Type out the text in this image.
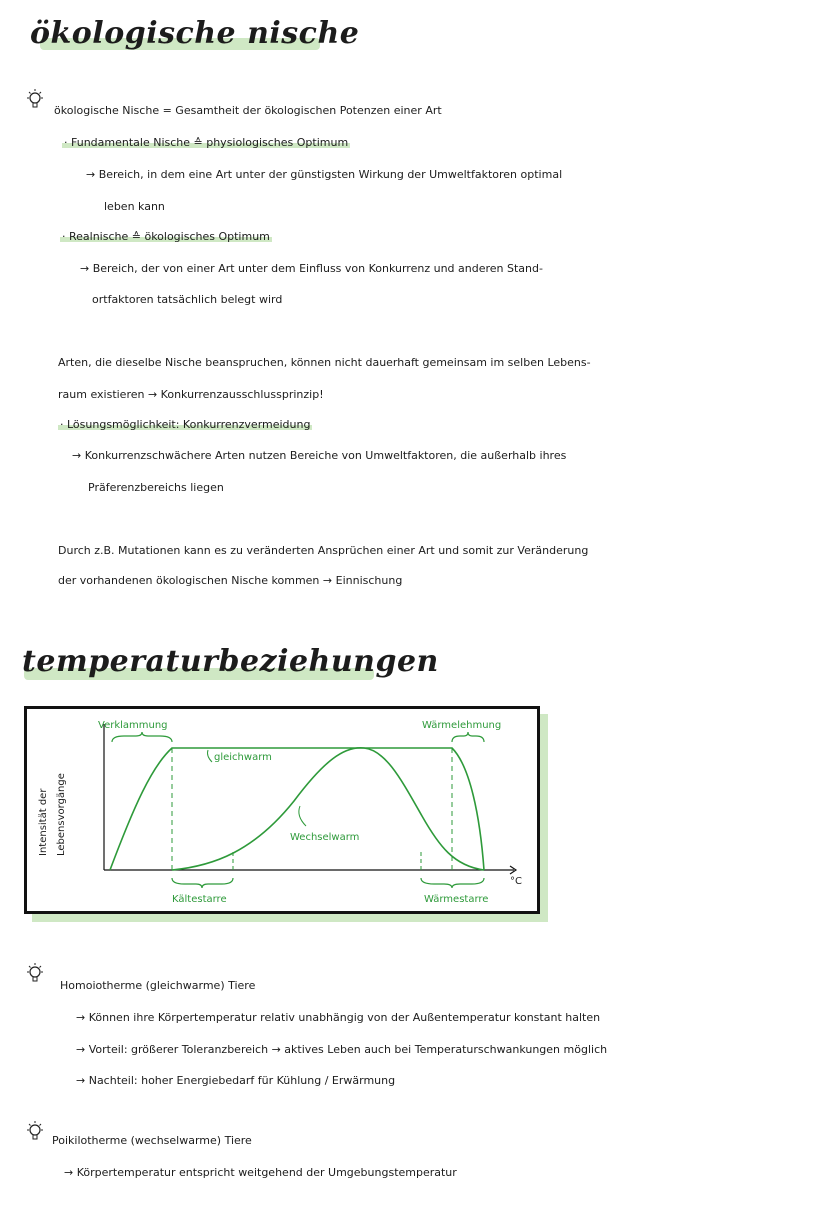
ökologische nische
ökologische Nische = Gesamtheit der ökologischen Potenzen einer Art
· Fundamentale Nische ≙ physiologisches Optimum
→ Bereich, in dem eine Art unter der günstigsten Wirkung der Umweltfaktoren optimal
leben kann
· Realnische ≙ ökologisches Optimum
→ Bereich, der von einer Art unter dem Einfluss von Konkurrenz und anderen Stand-
ortfaktoren tatsächlich belegt wird
Arten, die dieselbe Nische beanspruchen, können nicht dauerhaft gemeinsam im selben Lebens-
raum existieren → Konkurrenzausschlussprinzip!
· Lösungsmöglichkeit: Konkurrenzvermeidung
→ Konkurrenzschwächere Arten nutzen Bereiche von Umweltfaktoren, die außerhalb ihres
Präferenzbereichs liegen
Durch z.B. Mutationen kann es zu veränderten Ansprüchen einer Art und somit zur Veränderung
der vorhandenen ökologischen Nische kommen → Einnischung
temperaturbeziehungen
Verklammung	Wärmelehmung
gleichwarm
Wechselwarm
Kältestarre	Wärmestarre
°C
Intensität der Lebensvorgänge
Homoiotherme (gleichwarme) Tiere
→ Können ihre Körpertemperatur relativ unabhängig von der Außentemperatur konstant halten
→ Vorteil: größerer Toleranzbereich → aktives Leben auch bei Temperaturschwankungen möglich
→ Nachteil: hoher Energiebedarf für Kühlung / Erwärmung
Poikilotherme (wechselwarme) Tiere
→ Körpertemperatur entspricht weitgehend der Umgebungstemperatur
